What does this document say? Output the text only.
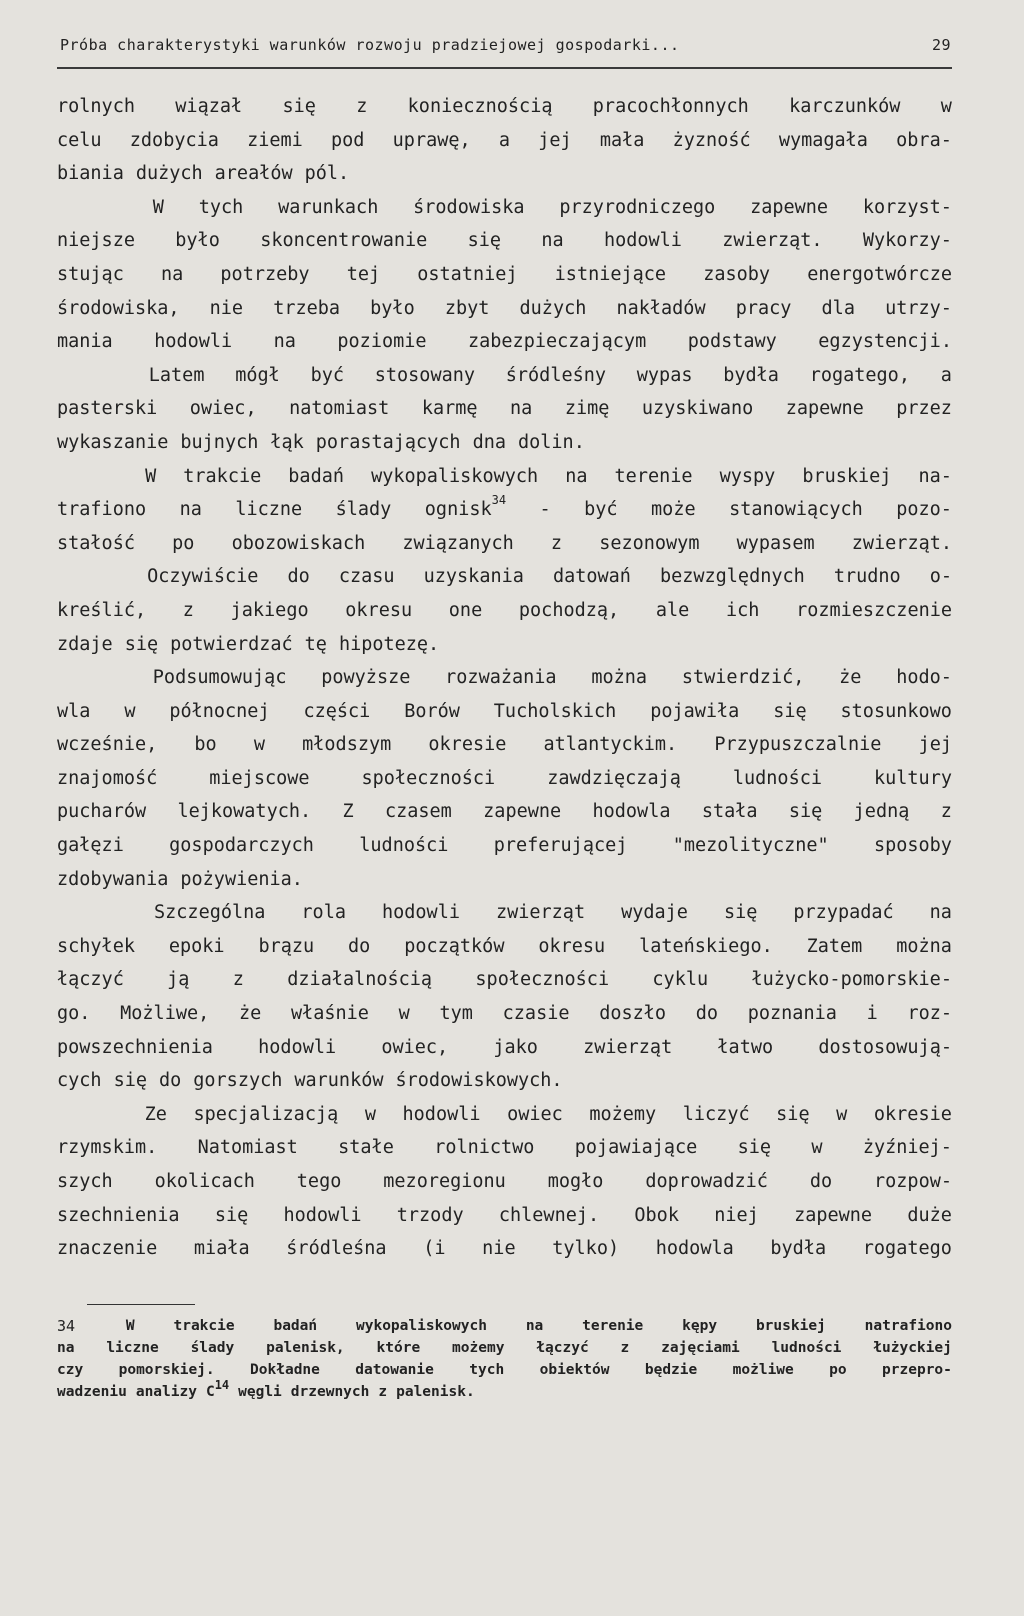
Próba charakterystyki warunków rozwoju pradziejowej gospodarki...	29
rolnych wiązał się z koniecznością pracochłonnych karczunków w
celu zdobycia ziemi pod uprawę, a jej mała żyzność wymagała obra-
biania dużych areałów pól.
W tych warunkach środowiska przyrodniczego zapewne korzyst-
niejsze było skoncentrowanie się na hodowli zwierząt. Wykorzy-
stując na potrzeby tej ostatniej istniejące zasoby energotwórcze
środowiska, nie trzeba było zbyt dużych nakładów pracy dla utrzy-
mania hodowli na poziomie zabezpieczającym podstawy egzystencji.
Latem mógł być stosowany śródleśny wypas bydła rogatego, a
pasterski owiec, natomiast karmę na zimę uzyskiwano zapewne przez
wykaszanie bujnych łąk porastających dna dolin.
W trakcie badań wykopaliskowych na terenie wyspy bruskiej na-
trafiono na liczne ślady ognisk$^{34}$ - być może stanowiących pozo-
stałość po obozowiskach związanych z sezonowym wypasem zwierząt.
Oczywiście do czasu uzyskania datowań bezwzględnych trudno o-
kreślić, z jakiego okresu one pochodzą, ale ich rozmieszczenie
zdaje się potwierdzać tę hipotezę.
Podsumowując powyższe rozważania można stwierdzić, że hodo-
wla w północnej części Borów Tucholskich pojawiła się stosunkowo
wcześnie, bo w młodszym okresie atlantyckim. Przypuszczalnie jej
znajomość	miejscowe	społeczności	zawdzięczają	ludności	kultury
pucharów lejkowatych. Z czasem zapewne hodowla stała się jedną z
gałęzi gospodarczych ludności preferującej "mezolityczne" sposoby
zdobywania pożywienia.
Szczególna rola hodowli zwierząt wydaje się przypadać na
schyłek epoki brązu do początków okresu lateńskiego. Zatem można
łączyć ją z działalnością społeczności cyklu łużycko-pomorskie-
go. Możliwe, że właśnie w tym czasie doszło do poznania i roz-
powszechnienia hodowli owiec, jako zwierząt łatwo dostosowują-
cych się do gorszych warunków środowiskowych.
Ze specjalizacją w hodowli owiec możemy liczyć się w okresie
rzymskim. Natomiast stałe rolnictwo pojawiające się w żyźniej-
szych okolicach tego mezoregionu mogło doprowadzić do rozpow-
szechnienia się hodowli trzody chlewnej. Obok niej zapewne duże
znaczenie miała śródleśna (i nie tylko) hodowla bydła rogatego
34	W	trakcie	badań	wykopaliskowych	na	terenie	kępy	bruskiej	natrafiono
na liczne ślady palenisk, które możemy łączyć z zajęciami ludności łużyckiej
czy pomorskiej. Dokładne datowanie tych obiektów będzie możliwe po przepro-
wadzeniu analizy $C^{14}$ węgli drzewnych z palenisk.
